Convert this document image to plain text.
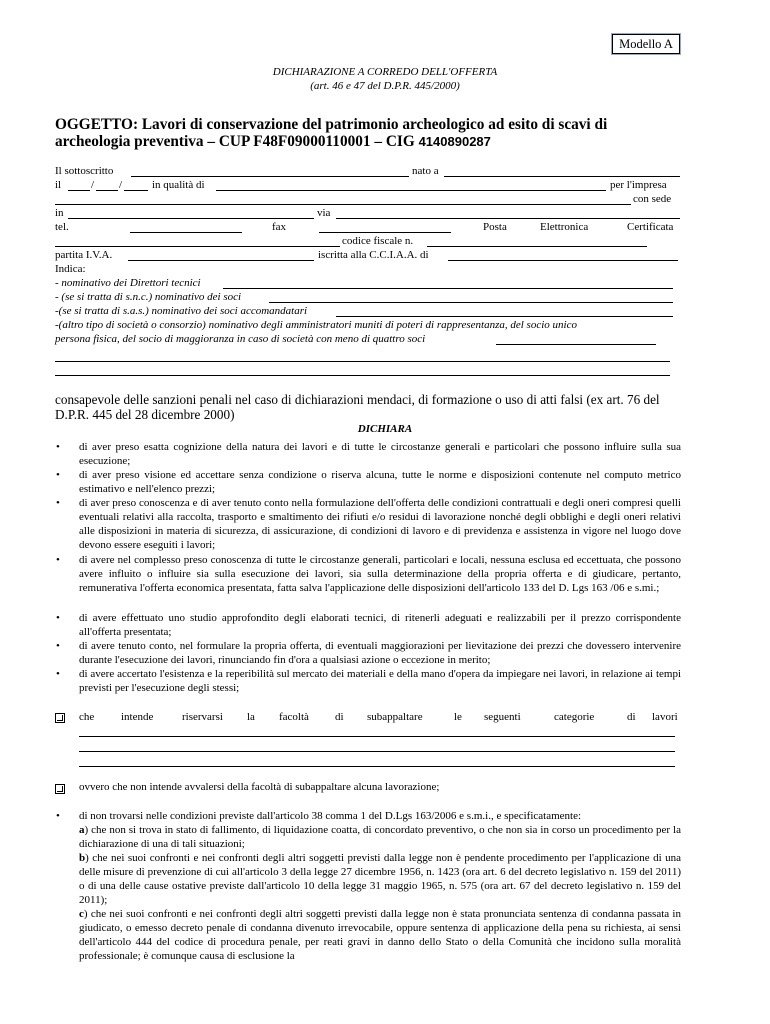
Modello A
DICHIARAZIONE A CORREDO DELL'OFFERTA
(art. 46 e 47 del D.P.R. 445/2000)
OGGETTO: Lavori di conservazione del patrimonio archeologico ad esito di scavi di
archeologia preventiva – CUP F48F09000110001 – CIG 4140890287
Il sottoscritto	nato a
il	/ /	in qualità di	per l'impresa
con sede
in	via
tel.	fax	Posta	Elettronica	Certificata
codice fiscale n.
partita I.V.A.	iscritta alla C.C.I.A.A. di
Indica:
- nominativo dei Direttori tecnici
- (se si tratta di s.n.c.) nominativo dei soci
-(se si tratta di s.a.s.) nominativo dei soci accomandatari
-(altro tipo di società o consorzio) nominativo degli amministratori muniti di poteri di rappresentanza, del socio unico
persona fisica, del socio di maggioranza in caso di società con meno di quattro soci
consapevole delle sanzioni penali nel caso di dichiarazioni mendaci, di formazione o uso di atti falsi (ex art. 76 del D.P.R. 445 del 28 dicembre 2000)
DICHIARA
• di aver preso esatta cognizione della natura dei lavori e di tutte le circostanze generali e particolari che possono influire sulla sua esecuzione;
• di aver preso visione ed accettare senza condizione o riserva alcuna, tutte le norme e disposizioni contenute nel computo metrico estimativo e nell'elenco prezzi;
• di aver preso conoscenza e di aver tenuto conto nella formulazione dell'offerta delle condizioni contrattuali e degli oneri compresi quelli eventuali relativi alla raccolta, trasporto e smaltimento dei rifiuti e/o residui di lavorazione nonché degli obblighi e degli oneri relativi alle disposizioni in materia di sicurezza, di assicurazione, di condizioni di lavoro e di previdenza e assistenza in vigore nel luogo dove devono essere eseguiti i lavori;
• di avere nel complesso preso conoscenza di tutte le circostanze generali, particolari e locali, nessuna esclusa ed eccettuata, che possono avere influito o influire sia sulla esecuzione dei lavori, sia sulla determinazione della propria offerta e di giudicare, pertanto, remunerativa l'offerta economica presentata, fatta salva l'applicazione delle disposizioni dell'articolo 133 del D. Lgs 163 /06 e s.mi.;
• di avere effettuato uno studio approfondito degli elaborati tecnici, di ritenerli adeguati e realizzabili per il prezzo corrispondente all'offerta presentata;
• di avere tenuto conto, nel formulare la propria offerta, di eventuali maggiorazioni per lievitazione dei prezzi che dovessero intervenire durante l'esecuzione dei lavori, rinunciando fin d'ora a qualsiasi azione o eccezione in merito;
• di avere accertato l'esistenza e la reperibilità sul mercato dei materiali e della mano d'opera da impiegare nei lavori, in relazione ai tempi previsti per l'esecuzione degli stessi;
che intende	riservarsi la facoltà di subappaltare	le seguenti	categorie	di lavori
ovvero che non intende avvalersi della facoltà di subappaltare alcuna lavorazione;
• di non trovarsi nelle condizioni previste dall'articolo 38 comma 1 del D.Lgs 163/2006 e s.m.i., e specificatamente:
a) che non si trova in stato di fallimento, di liquidazione coatta, di concordato preventivo, o che non sia in corso un procedimento per la dichiarazione di una di tali situazioni;
b) che nei suoi confronti e nei confronti degli altri soggetti previsti dalla legge non è pendente procedimento per l'applicazione di una delle misure di prevenzione di cui all'articolo 3 della legge 27 dicembre 1956, n. 1423 (ora art. 6 del decreto legislativo n. 159 del 2011) o di una delle cause ostative previste dall'articolo 10 della legge 31 maggio 1965, n. 575 (ora art. 67 del decreto legislativo n. 159 del 2011);
c) che nei suoi confronti e nei confronti degli altri soggetti previsti dalla legge non è stata pronunciata sentenza di condanna passata in giudicato, o emesso decreto penale di condanna divenuto irrevocabile, oppure sentenza di applicazione della pena su richiesta, ai sensi dell'articolo 444 del codice di procedura penale, per reati gravi in danno dello Stato o della Comunità che incidono sulla moralità professionale; è comunque causa di esclusione la
